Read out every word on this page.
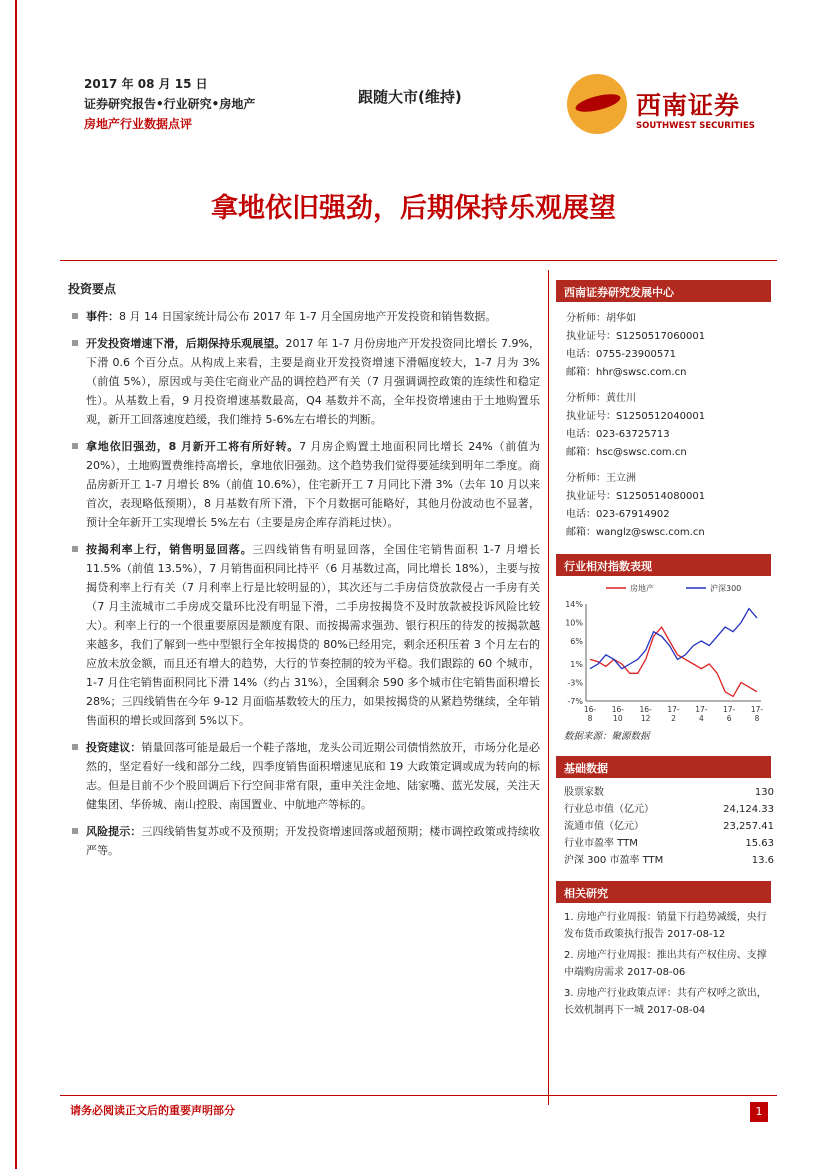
2017 年 08 月 15 日
证券研究报告•行业研究•房地产
房地产行业数据点评
跟随大市(维持)	西南证券
SOUTHWEST SECURITIES
拿地依旧强劲，后期保持乐观展望
投资要点
事件：8 月 14 日国家统计局公布 2017 年 1-7 月全国房地产开发投资和销售数据。
开发投资增速下滑，后期保持乐观展望。2017 年 1-7 月份房地产开发投资同比增长 7.9%，下滑 0.6 个百分点。从构成上来看，主要是商业开发投资增速下滑幅度较大，1-7 月为 3%（前值 5%），原因或与美住宅商业产品的调控趋严有关（7 月强调调控政策的连续性和稳定性）。从基数上看，9 月投资增速基数最高，Q4 基数并不高，全年投资增速由于土地购置乐观，新开工回落速度趋缓，我们维持 5-6%左右增长的判断。
拿地依旧强劲，8 月新开工将有所好转。7 月房企购置土地面积同比增长 24%（前值为 20%），土地购置费维持高增长，拿地依旧强劲。这个趋势我们觉得要延续到明年二季度。商品房新开工 1-7 月增长 8%（前值 10.6%），住宅新开工 7 月同比下滑 3%（去年 10 月以来首次，表现略低预期），8 月基数有所下滑，下个月数据可能略好，其他月份波动也不显著，预计全年新开工实现增长 5%左右（主要是房企库存消耗过快）。
按揭利率上行，销售明显回落。三四线销售有明显回落，全国住宅销售面积 1-7 月增长 11.5%（前值 13.5%），7 月销售面积同比持平（6 月基数过高，同比增长 18%），主要与按揭贷利率上行有关（7 月利率上行是比较明显的），其次还与二手房信贷放款侵占一手房有关（7 月主流城市二手房成交量环比没有明显下滑，二手房按揭贷不及时放款被投诉风险比较大）。利率上行的一个很重要原因是额度有限、而按揭需求强劲、银行积压的待发的按揭款越来越多，我们了解到一些中型银行全年按揭贷的 80%已经用完，剩余还积压着 3 个月左右的应放未放金额，而且还有增大的趋势，大行的节奏控制的较为平稳。我们跟踪的 60 个城市，1-7 月住宅销售面积同比下滑 14%（约占 31%），全国剩余 590 多个城市住宅销售面积增长 28%；三四线销售在今年 9-12 月面临基数较大的压力，如果按揭贷的从紧趋势继续，全年销售面积的增长或回落到 5%以下。
投资建议：销量回落可能是最后一个鞋子落地，龙头公司近期公司债悄然放开，市场分化是必然的，坚定看好一线和部分二线，四季度销售面积增速见底和 19 大政策定调或成为转向的标志。但是目前不少个股回调后下行空间非常有限，重申关注金地、陆家嘴、蓝光发展，关注天健集团、华侨城、南山控股、南国置业、中航地产等标的。
风险提示：三四线销售复苏或不及预期；开发投资增速回落或超预期；楼市调控政策或持续收严等。
西南证券研究发展中心
分析师：胡华如
执业证号：S1250517060001
电话：0755-23900571
邮箱：hhr@swsc.com.cn
分析师：黄仕川
执业证号：S1250512040001
电话：023-63725713
邮箱：hsc@swsc.com.cn
分析师：王立洲
执业证号：S1250514080001
电话：023-67914902
邮箱：wanglz@swsc.com.cn
行业相对指数表现
14%
10%
6%
1%
-3%
-7%
16-
8
16-
10
16-
12
17-
2
17-
4
17-
6
17-
8
房地产	沪深300
数据来源：聚源数据
基础数据
股票家数	130
行业总市值（亿元）	24,124.33
流通市值（亿元）	23,257.41
行业市盈率 TTM	15.63
沪深 300 市盈率 TTM	13.6
相关研究
1. 房地产行业周报：销量下行趋势减缓，央行发布货币政策执行报告 2017-08-12
2. 房地产行业周报：推出共有产权住房、支撑中端购房需求 2017-08-06
3. 房地产行业政策点评：共有产权呼之欲出，长效机制再下一城 2017-08-04
请务必阅读正文后的重要声明部分	1
